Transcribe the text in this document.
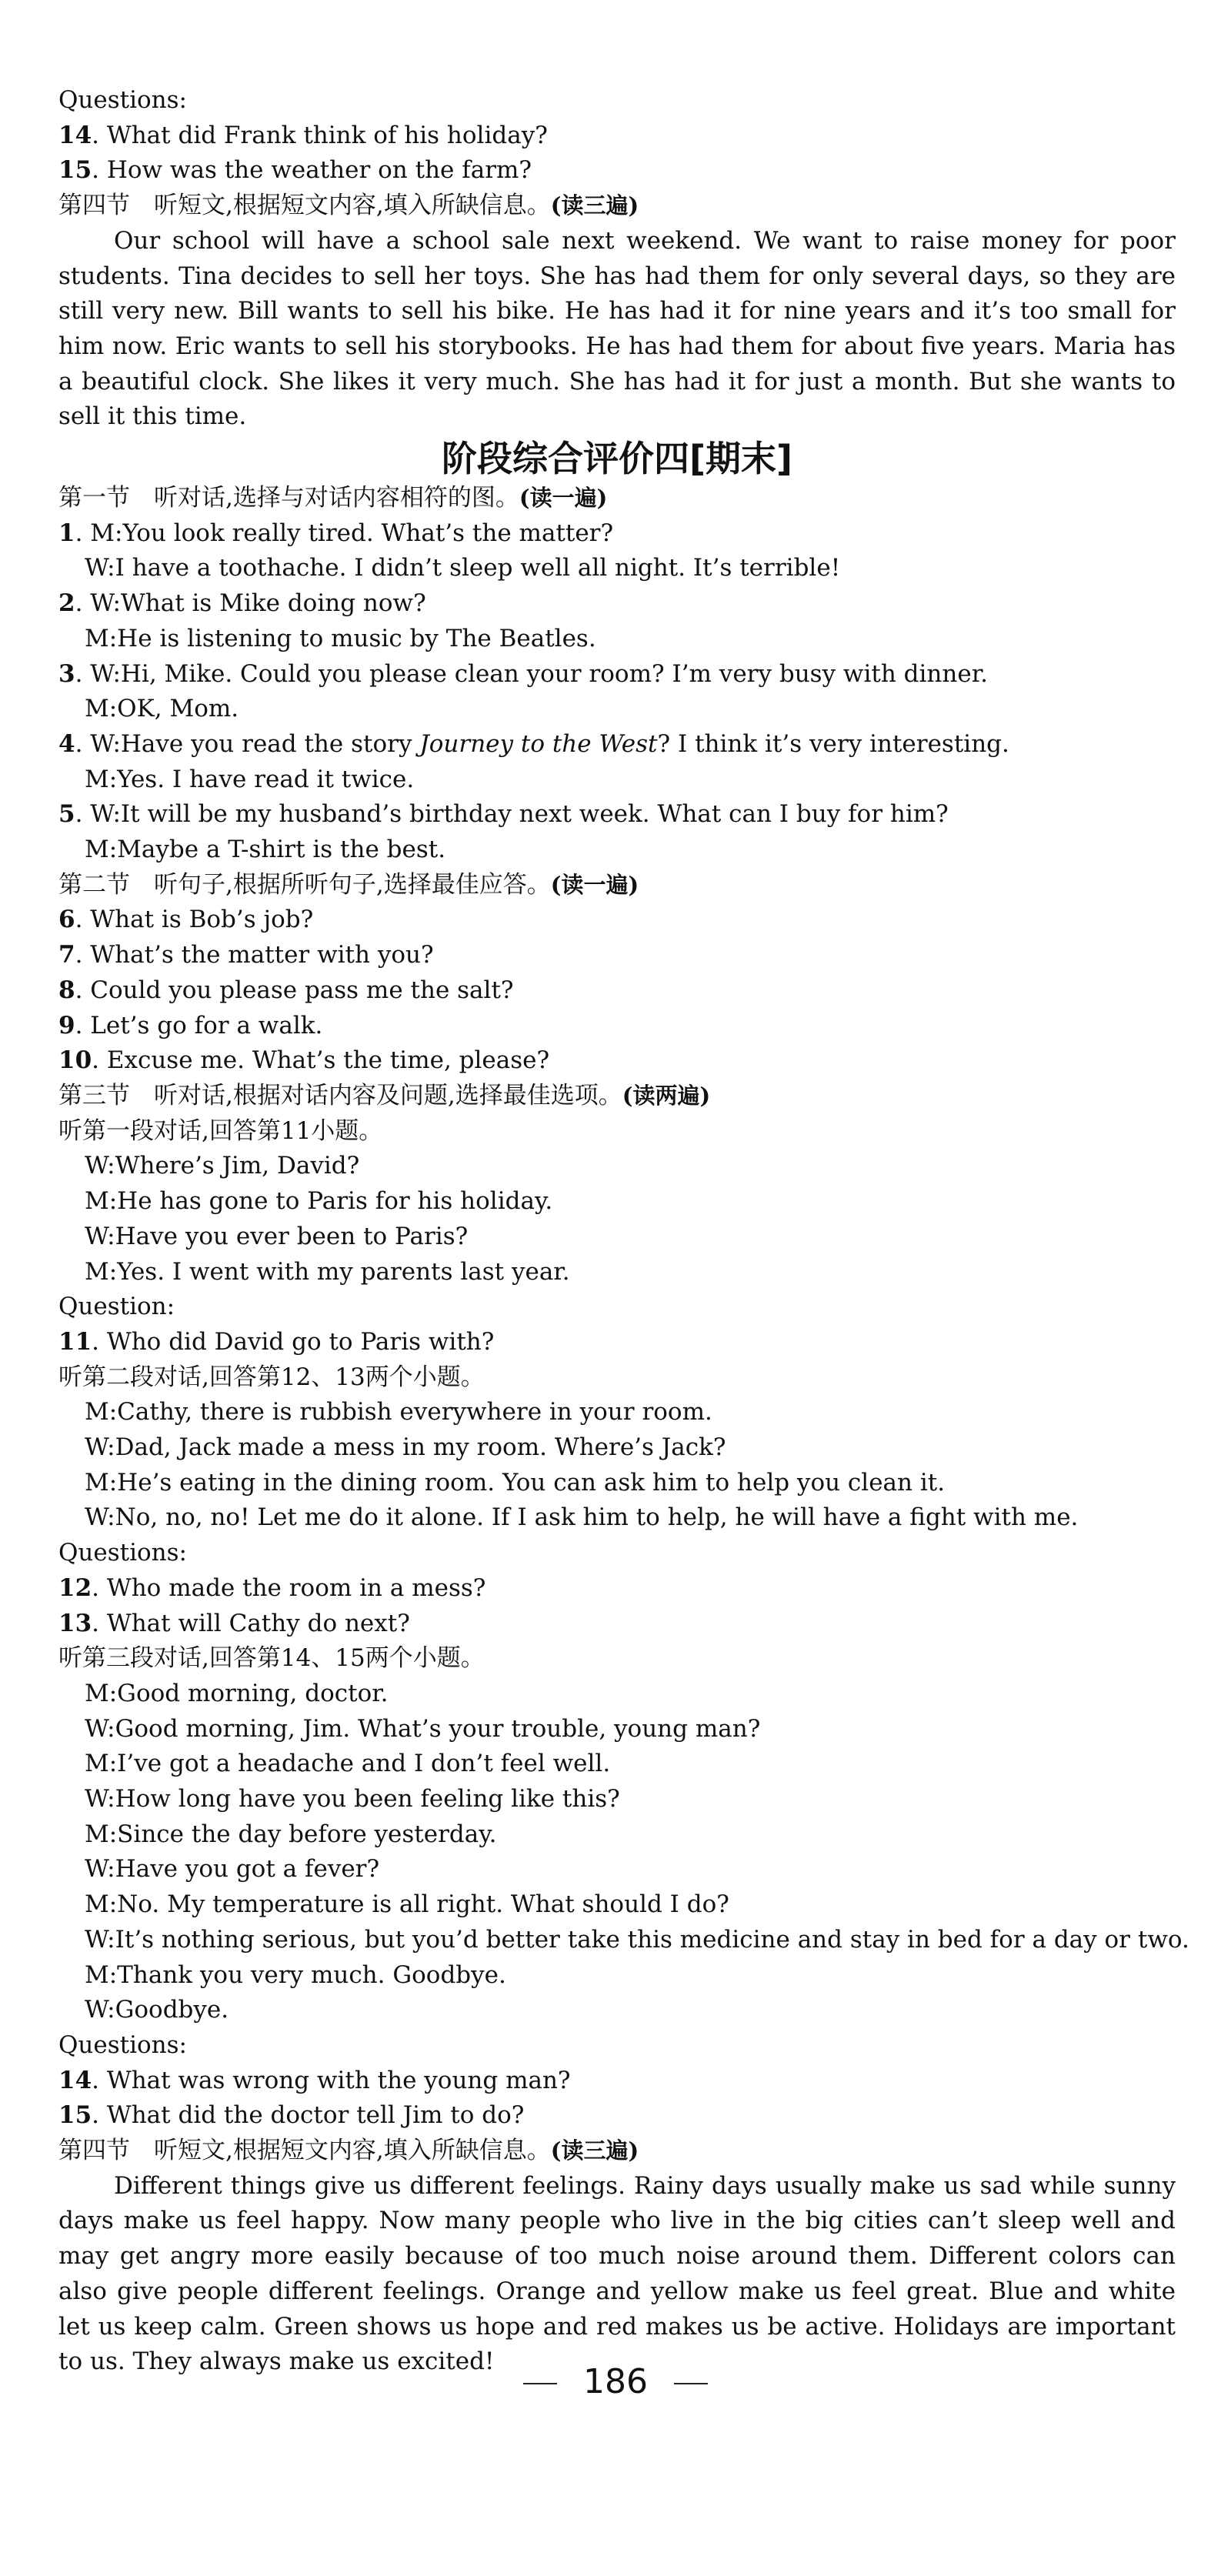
Questions:
14. What did Frank think of his holiday?
15. How was the weather on the farm?
第四节　听短文,根据短文内容,填入所缺信息。(读三遍)

Our school will have a school sale next weekend. We want to raise money for poor students. Tina decides to sell her toys. She has had them for only several days, so they are still very new. Bill wants to sell his bike. He has had it for nine years and it’s too small for him now. Eric wants to sell his storybooks. He has had them for about five years. Maria has a beautiful clock. She likes it very much. She has had it for just a month. But she wants to sell it this time.

阶段综合评价四[期末]
第一节　听对话,选择与对话内容相符的图。(读一遍)
1. M:You look really tired. What’s the matter?
W:I have a toothache. I didn’t sleep well all night. It’s terrible!
2. W:What is Mike doing now?
M:He is listening to music by The Beatles.
3. W:Hi, Mike. Could you please clean your room? I’m very busy with dinner.
M:OK, Mom.
4. W:Have you read the story Journey to the West? I think it’s very interesting.
M:Yes. I have read it twice.
5. W:It will be my husband’s birthday next week. What can I buy for him?
M:Maybe a T-shirt is the best.
第二节　听句子,根据所听句子,选择最佳应答。(读一遍)
6. What is Bob’s job?
7. What’s the matter with you?
8. Could you please pass me the salt?
9. Let’s go for a walk.
10. Excuse me. What’s the time, please?
第三节　听对话,根据对话内容及问题,选择最佳选项。(读两遍)
听第一段对话,回答第11小题。
W:Where’s Jim, David?
M:He has gone to Paris for his holiday.
W:Have you ever been to Paris?
M:Yes. I went with my parents last year.
Question:
11. Who did David go to Paris with?
听第二段对话,回答第12、13两个小题。
M:Cathy, there is rubbish everywhere in your room.
W:Dad, Jack made a mess in my room. Where’s Jack?
M:He’s eating in the dining room. You can ask him to help you clean it.
W:No, no, no! Let me do it alone. If I ask him to help, he will have a fight with me.
Questions:
12. Who made the room in a mess?
13. What will Cathy do next?
听第三段对话,回答第14、15两个小题。
M:Good morning, doctor.
W:Good morning, Jim. What’s your trouble, young man?
M:I’ve got a headache and I don’t feel well.
W:How long have you been feeling like this?
M:Since the day before yesterday.
W:Have you got a fever?
M:No. My temperature is all right. What should I do?
W:It’s nothing serious, but you’d better take this medicine and stay in bed for a day or two.
M:Thank you very much. Goodbye.
W:Goodbye.
Questions:
14. What was wrong with the young man?
15. What did the doctor tell Jim to do?
第四节　听短文,根据短文内容,填入所缺信息。(读三遍)

Different things give us different feelings. Rainy days usually make us sad while sunny days make us feel happy. Now many people who live in the big cities can’t sleep well and may get angry more easily because of too much noise around them. Different colors can also give people different feelings. Orange and yellow make us feel great. Blue and white let us keep calm. Green shows us hope and red makes us be active. Holidays are important to us. They always make us excited!

186
